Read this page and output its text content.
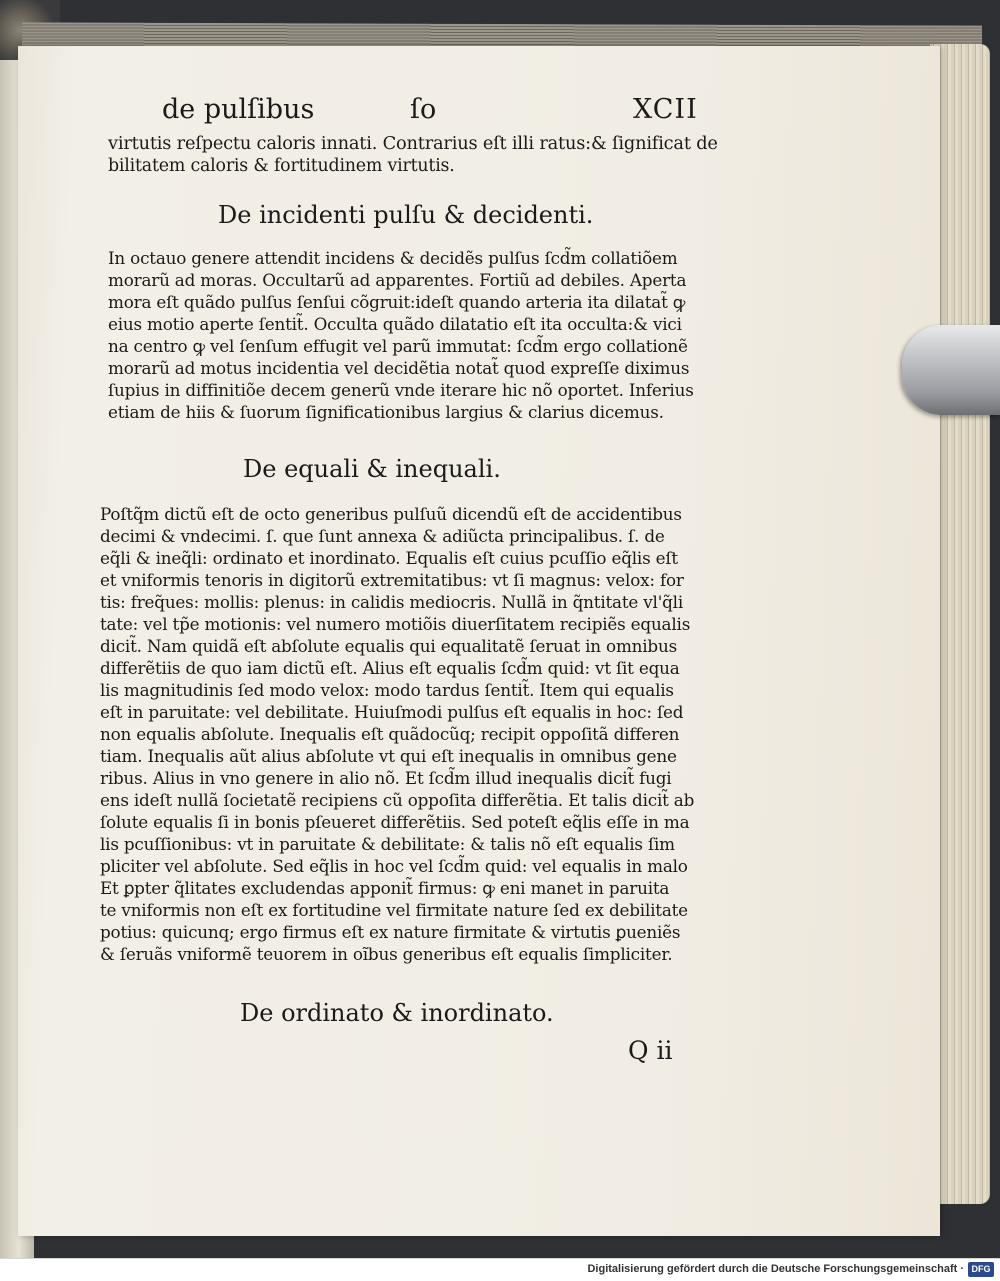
de pulſibus	ſo	XCII
virtutis reſpectu caloris innati. Contrarius eſt illi ratus:& ſignificat de
bilitatem caloris & fortitudinem virtutis.
De incidenti pulſu & decidenti.
In octauo genere attendit incidens & decidẽs pulſus ſcd̃m collatiõem
morarũ ad moras. Occultarũ ad apparentes. Fortiũ ad debiles. Aperta
mora eſt quãdo pulſus ſenſui cõgruit:ideſt quando arteria ita dilatat̃ ꝙ
eius motio aperte ſentit̃. Occulta quãdo dilatatio eſt ita occulta:& vici
na centro ꝙ vel ſenſum effugit vel parũ immutat: ſcd̃m ergo collationẽ
morarũ ad motus incidentia vel decidẽtia notat̃ quod expreſſe diximus
ſupius in diffinitiõe decem generũ vnde iterare hic nõ oportet. Inferius
etiam de hiis & ſuorum ſignificationibus largius & clarius dicemus.
De equali & inequali.
Poſtq̃m dictũ eſt de octo generibus pulſuũ dicendũ eſt de accidentibus
decimi & vndecimi. ſ. que ſunt annexa & adiũcta principalibus. ſ. de
eq̃li & ineq̃li: ordinato et inordinato. Equalis eſt cuius pcuſſio eq̃lis eſt
et vniformis tenoris in digitorũ extremitatibus: vt ſi magnus: velox: for
tis: freq̃ues: mollis: plenus: in calidis mediocris. Nullã in q̃ntitate vl'q̃li
tate: vel tp̃e motionis: vel numero motiõis diuerſitatem recipiẽs equalis
dicit̃. Nam quidã eſt abſolute equalis qui equalitatẽ ſeruat in omnibus
differẽtiis de quo iam dictũ eſt. Alius eſt equalis ſcd̃m quid: vt ſit equa
lis magnitudinis ſed modo velox: modo tardus ſentit̃. Item qui equalis
eſt in paruitate: vel debilitate. Huiuſmodi pulſus eſt equalis in hoc: ſed
non equalis abſolute. Inequalis eſt quãdocũq; recipit oppoſitã differen
tiam. Inequalis aũt alius abſolute vt qui eſt inequalis in omnibus gene
ribus. Alius in vno genere in alio nõ. Et ſcd̃m illud inequalis dicit̃ fugi
ens ideſt nullã ſocietatẽ recipiens cũ oppoſita differẽtia. Et talis dicit̃ ab
ſolute equalis ſi in bonis pſeueret differẽtiis. Sed poteſt eq̃lis eſſe in ma
lis pcuſſionibus: vt in paruitate & debilitate: & talis nõ eſt equalis ſim
pliciter vel abſolute. Sed eq̃lis in hoc vel ſcd̃m quid: vel equalis in malo
Et ꝑpter q̃litates excludendas apponit̃ firmus: ꝙ eni manet in paruita
te vniformis non eſt ex fortitudine vel firmitate nature ſed ex debilitate
potius: quicunq; ergo firmus eſt ex nature firmitate & virtutis ꝑueniẽs
& ſeruãs vniformẽ teuorem in oĩbus generibus eſt equalis ſimpliciter.
De ordinato & inordinato.
Q ii
Digitalisierung gefördert durch die Deutsche Forschungsgemeinschaft · DFG
